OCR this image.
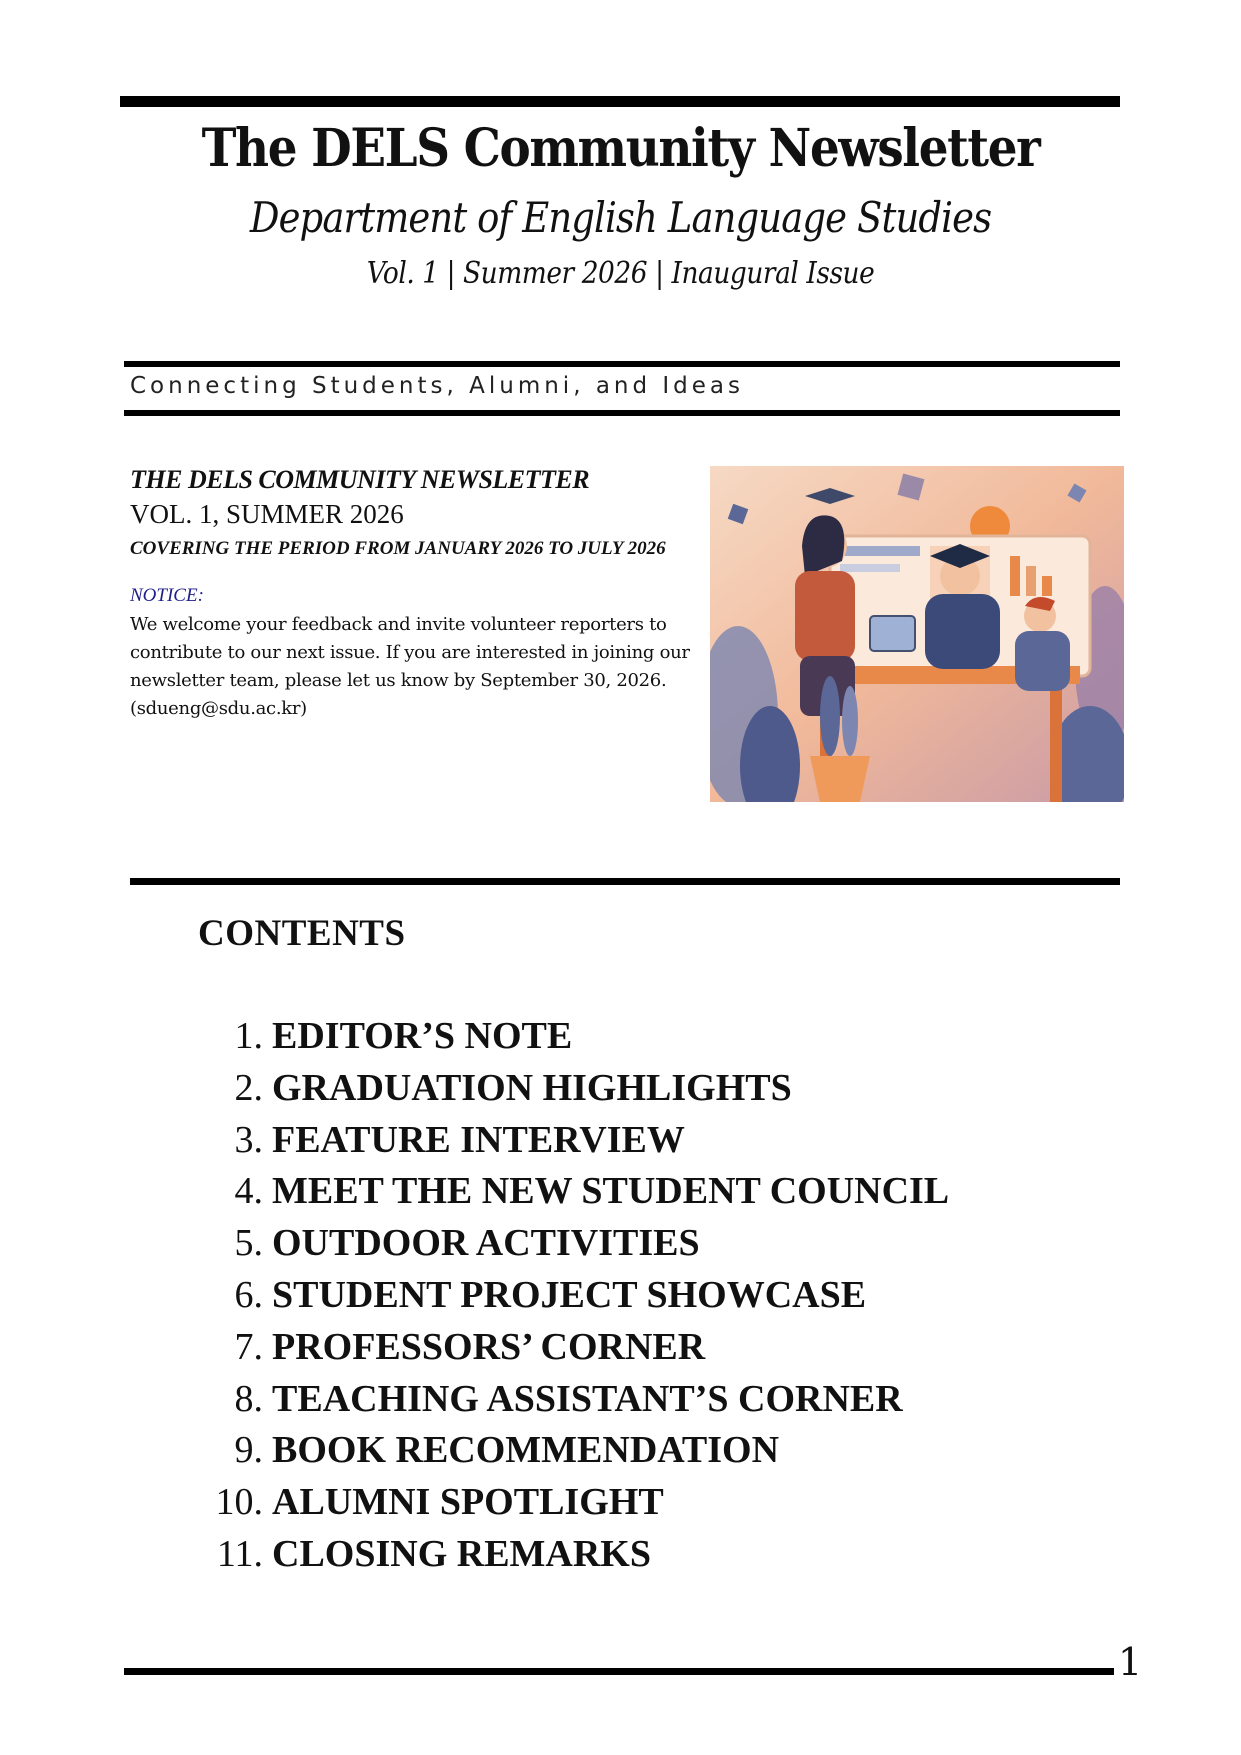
The DELS Community Newsletter
Department of English Language Studies
Vol. 1 | Summer 2026 | Inaugural Issue
Connecting Students, Alumni, and Ideas

THE DELS COMMUNITY NEWSLETTER

VOL. 1, SUMMER 2026

COVERING THE PERIOD FROM JANUARY 2026 TO JULY 2026

NOTICE:

We welcome your feedback and invite volunteer reporters to contribute to our next issue. If you are interested in joining our newsletter team, please let us know by September 30, 2026. (sdueng@sdu.ac.kr)

CONTENTS
1. EDITOR’S NOTE
2. GRADUATION HIGHLIGHTS
3. FEATURE INTERVIEW
4. MEET THE NEW STUDENT COUNCIL
5. OUTDOOR ACTIVITIES
6. STUDENT PROJECT SHOWCASE
7. PROFESSORS’ CORNER
8. TEACHING ASSISTANT’S CORNER
9. BOOK RECOMMENDATION
10. ALUMNI SPOTLIGHT
11. CLOSING REMARKS
1
